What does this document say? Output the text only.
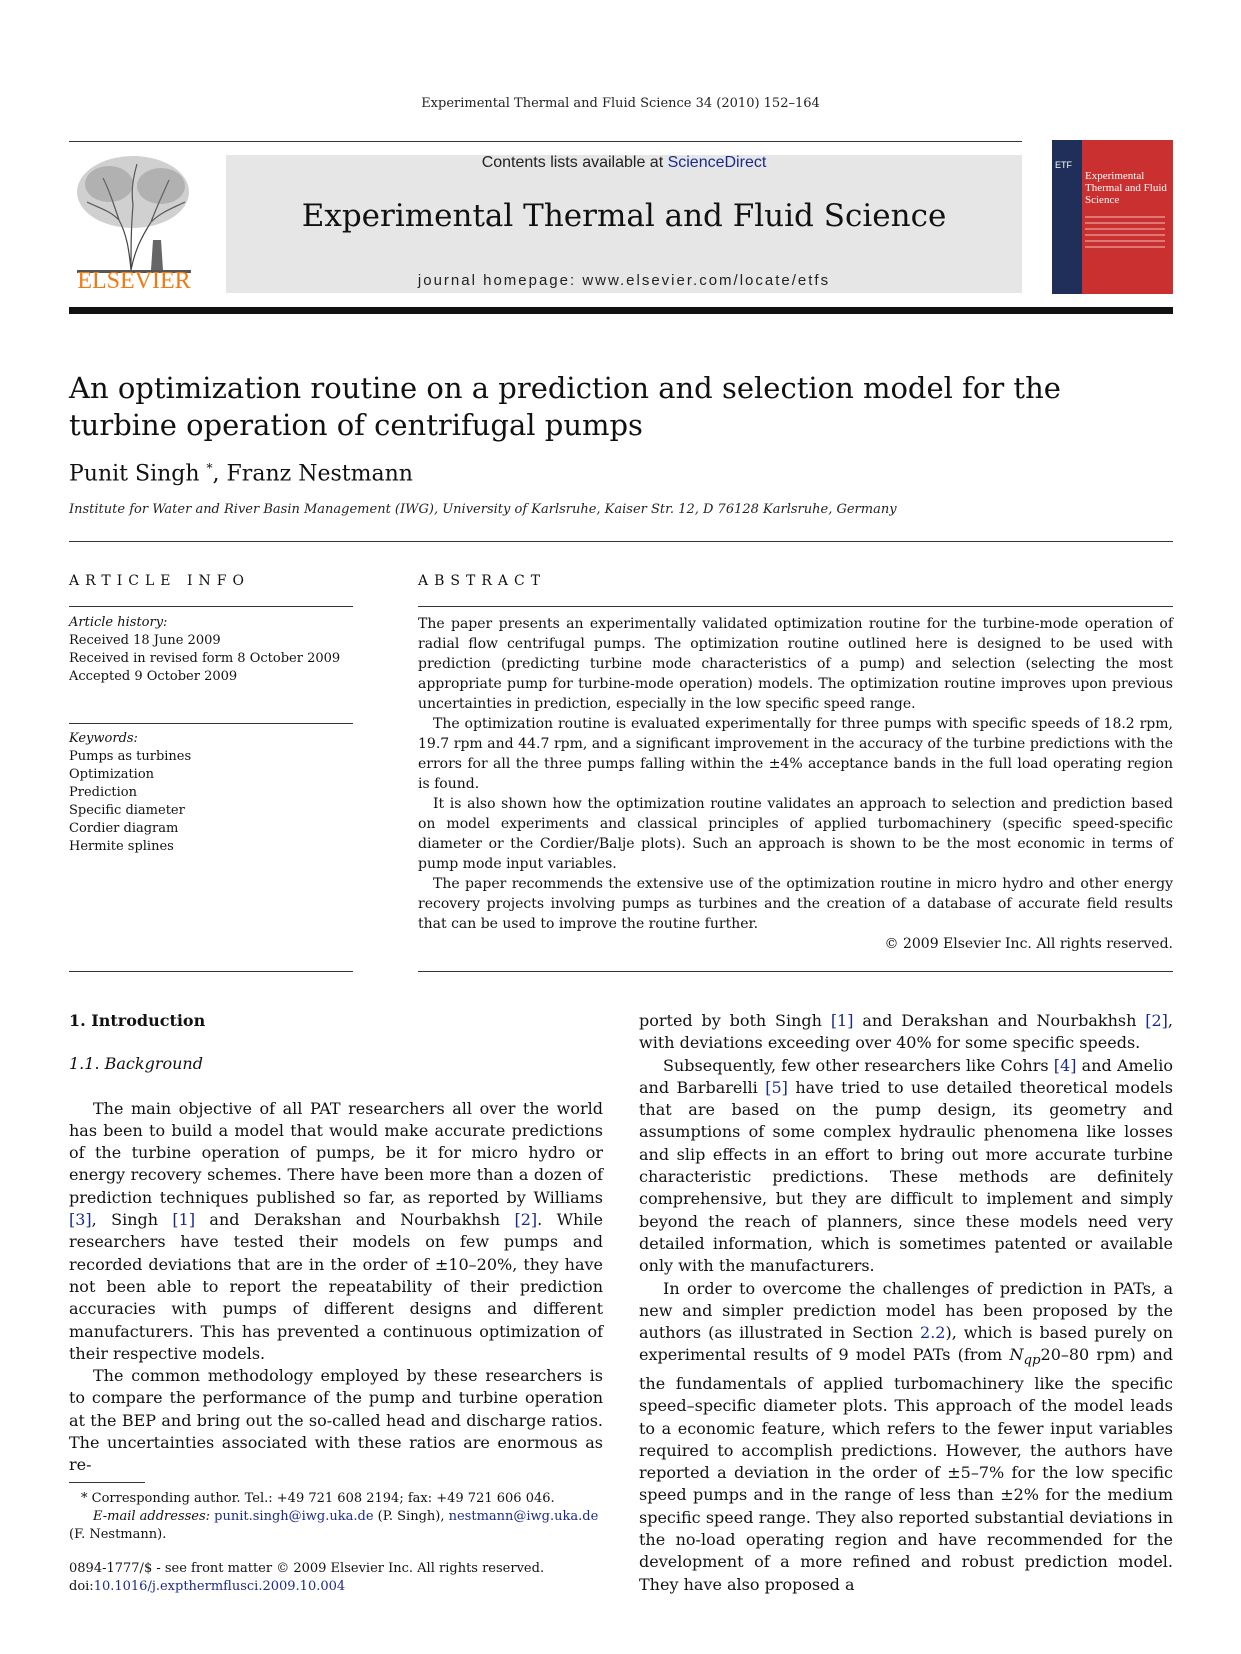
Experimental Thermal and Fluid Science 34 (2010) 152–164
Contents lists available at ScienceDirect
Experimental Thermal and Fluid Science
journal homepage: www.elsevier.com/locate/etfs
ELSEVIER
ETF
Experimental Thermal and Fluid Science
An optimization routine on a prediction and selection model for the turbine operation of centrifugal pumps
Punit Singh *, Franz Nestmann
Institute for Water and River Basin Management (IWG), University of Karlsruhe, Kaiser Str. 12, D 76128 Karlsruhe, Germany
ARTICLE INFO
Article history:
Received 18 June 2009
Received in revised form 8 October 2009
Accepted 9 October 2009
Keywords:
Pumps as turbines
Optimization
Prediction
Specific diameter
Cordier diagram
Hermite splines
ABSTRACT

The paper presents an experimentally validated optimization routine for the turbine-mode operation of radial flow centrifugal pumps. The optimization routine outlined here is designed to be used with prediction (predicting turbine mode characteristics of a pump) and selection (selecting the most appropriate pump for turbine-mode operation) models. The optimization routine improves upon previous uncertainties in prediction, especially in the low specific speed range.

The optimization routine is evaluated experimentally for three pumps with specific speeds of 18.2 rpm, 19.7 rpm and 44.7 rpm, and a significant improvement in the accuracy of the turbine predictions with the errors for all the three pumps falling within the ±4% acceptance bands in the full load operating region is found.

It is also shown how the optimization routine validates an approach to selection and prediction based on model experiments and classical principles of applied turbomachinery (specific speed-specific diameter or the Cordier/Balje plots). Such an approach is shown to be the most economic in terms of pump mode input variables.

The paper recommends the extensive use of the optimization routine in micro hydro and other energy recovery projects involving pumps as turbines and the creation of a database of accurate field results that can be used to improve the routine further.

© 2009 Elsevier Inc. All rights reserved.
1. Introduction
1.1. Background

The main objective of all PAT researchers all over the world has been to build a model that would make accurate predictions of the turbine operation of pumps, be it for micro hydro or energy recovery schemes. There have been more than a dozen of prediction techniques published so far, as reported by Williams [3], Singh [1] and Derakshan and Nourbakhsh [2]. While researchers have tested their models on few pumps and recorded deviations that are in the order of ±10–20%, they have not been able to report the repeatability of their prediction accuracies with pumps of different designs and different manufacturers. This has prevented a continuous optimization of their respective models.

The common methodology employed by these researchers is to compare the performance of the pump and turbine operation at the BEP and bring out the so-called head and discharge ratios. The uncertainties associated with these ratios are enormous as re-

ported by both Singh [1] and Derakshan and Nourbakhsh [2], with deviations exceeding over 40% for some specific speeds.

Subsequently, few other researchers like Cohrs [4] and Amelio and Barbarelli [5] have tried to use detailed theoretical models that are based on the pump design, its geometry and assumptions of some complex hydraulic phenomena like losses and slip effects in an effort to bring out more accurate turbine characteristic predictions. These methods are definitely comprehensive, but they are difficult to implement and simply beyond the reach of planners, since these models need very detailed information, which is sometimes patented or available only with the manufacturers.

In order to overcome the challenges of prediction in PATs, a new and simpler prediction model has been proposed by the authors (as illustrated in Section 2.2), which is based purely on experimental results of 9 model PATs (from $N_{qp}20-80$ rpm) and the fundamentals of applied turbomachinery like the specific speed–specific diameter plots. This approach of the model leads to a economic feature, which refers to the fewer input variables required to accomplish predictions. However, the authors have reported a deviation in the order of ±5–7% for the low specific speed pumps and in the range of less than ±2% for the medium specific speed range. They also reported substantial deviations in the no-load operating region and have recommended for the development of a more refined and robust prediction model. They have also proposed a

* Corresponding author. Tel.: +49 721 608 2194; fax: +49 721 606 046.

E-mail addresses: punit.singh@iwg.uka.de (P. Singh), nestmann@iwg.uka.de

(F. Nestmann).

0894-1777/$ - see front matter © 2009 Elsevier Inc. All rights reserved.
doi:10.1016/j.expthermflusci.2009.10.004
